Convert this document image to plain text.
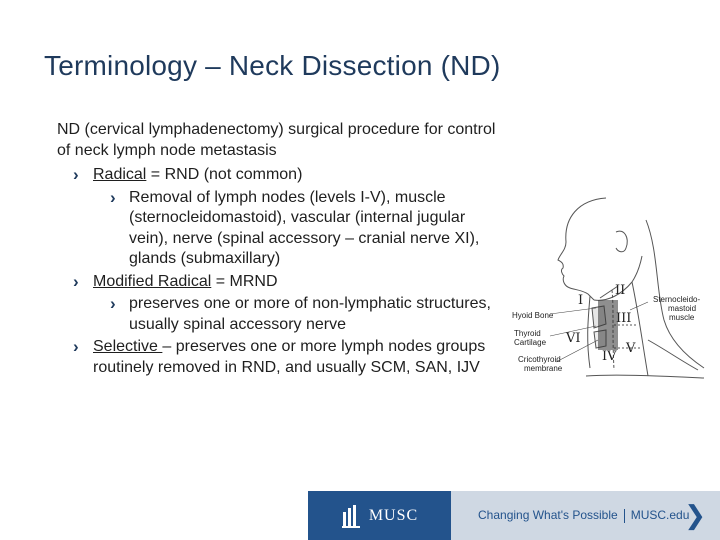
Terminology – Neck Dissection (ND)
ND (cervical lymphadenectomy) surgical procedure for control of neck lymph node metastasis
› Radical = RND (not common)
› Removal of lymph nodes (levels I-V), muscle (sternocleidomastoid), vascular (internal jugular vein), nerve (spinal accessory – cranial nerve XI), glands (submaxillary)
› Modified Radical = MRND
› preserves one or more of non-lymphatic structures, usually spinal accessory nerve
› Selective – preserves one or more lymph nodes groups routinely removed in RND, and usually SCM, SAN, IJV
Hyoid Bone
Thyroid
Cartilage
Cricothyroid
membrane
Sternocleido-
mastoid
muscle
I
II
III
IV
V
VI
MUSC	Changing What's Possible MUSC.edu
❯
